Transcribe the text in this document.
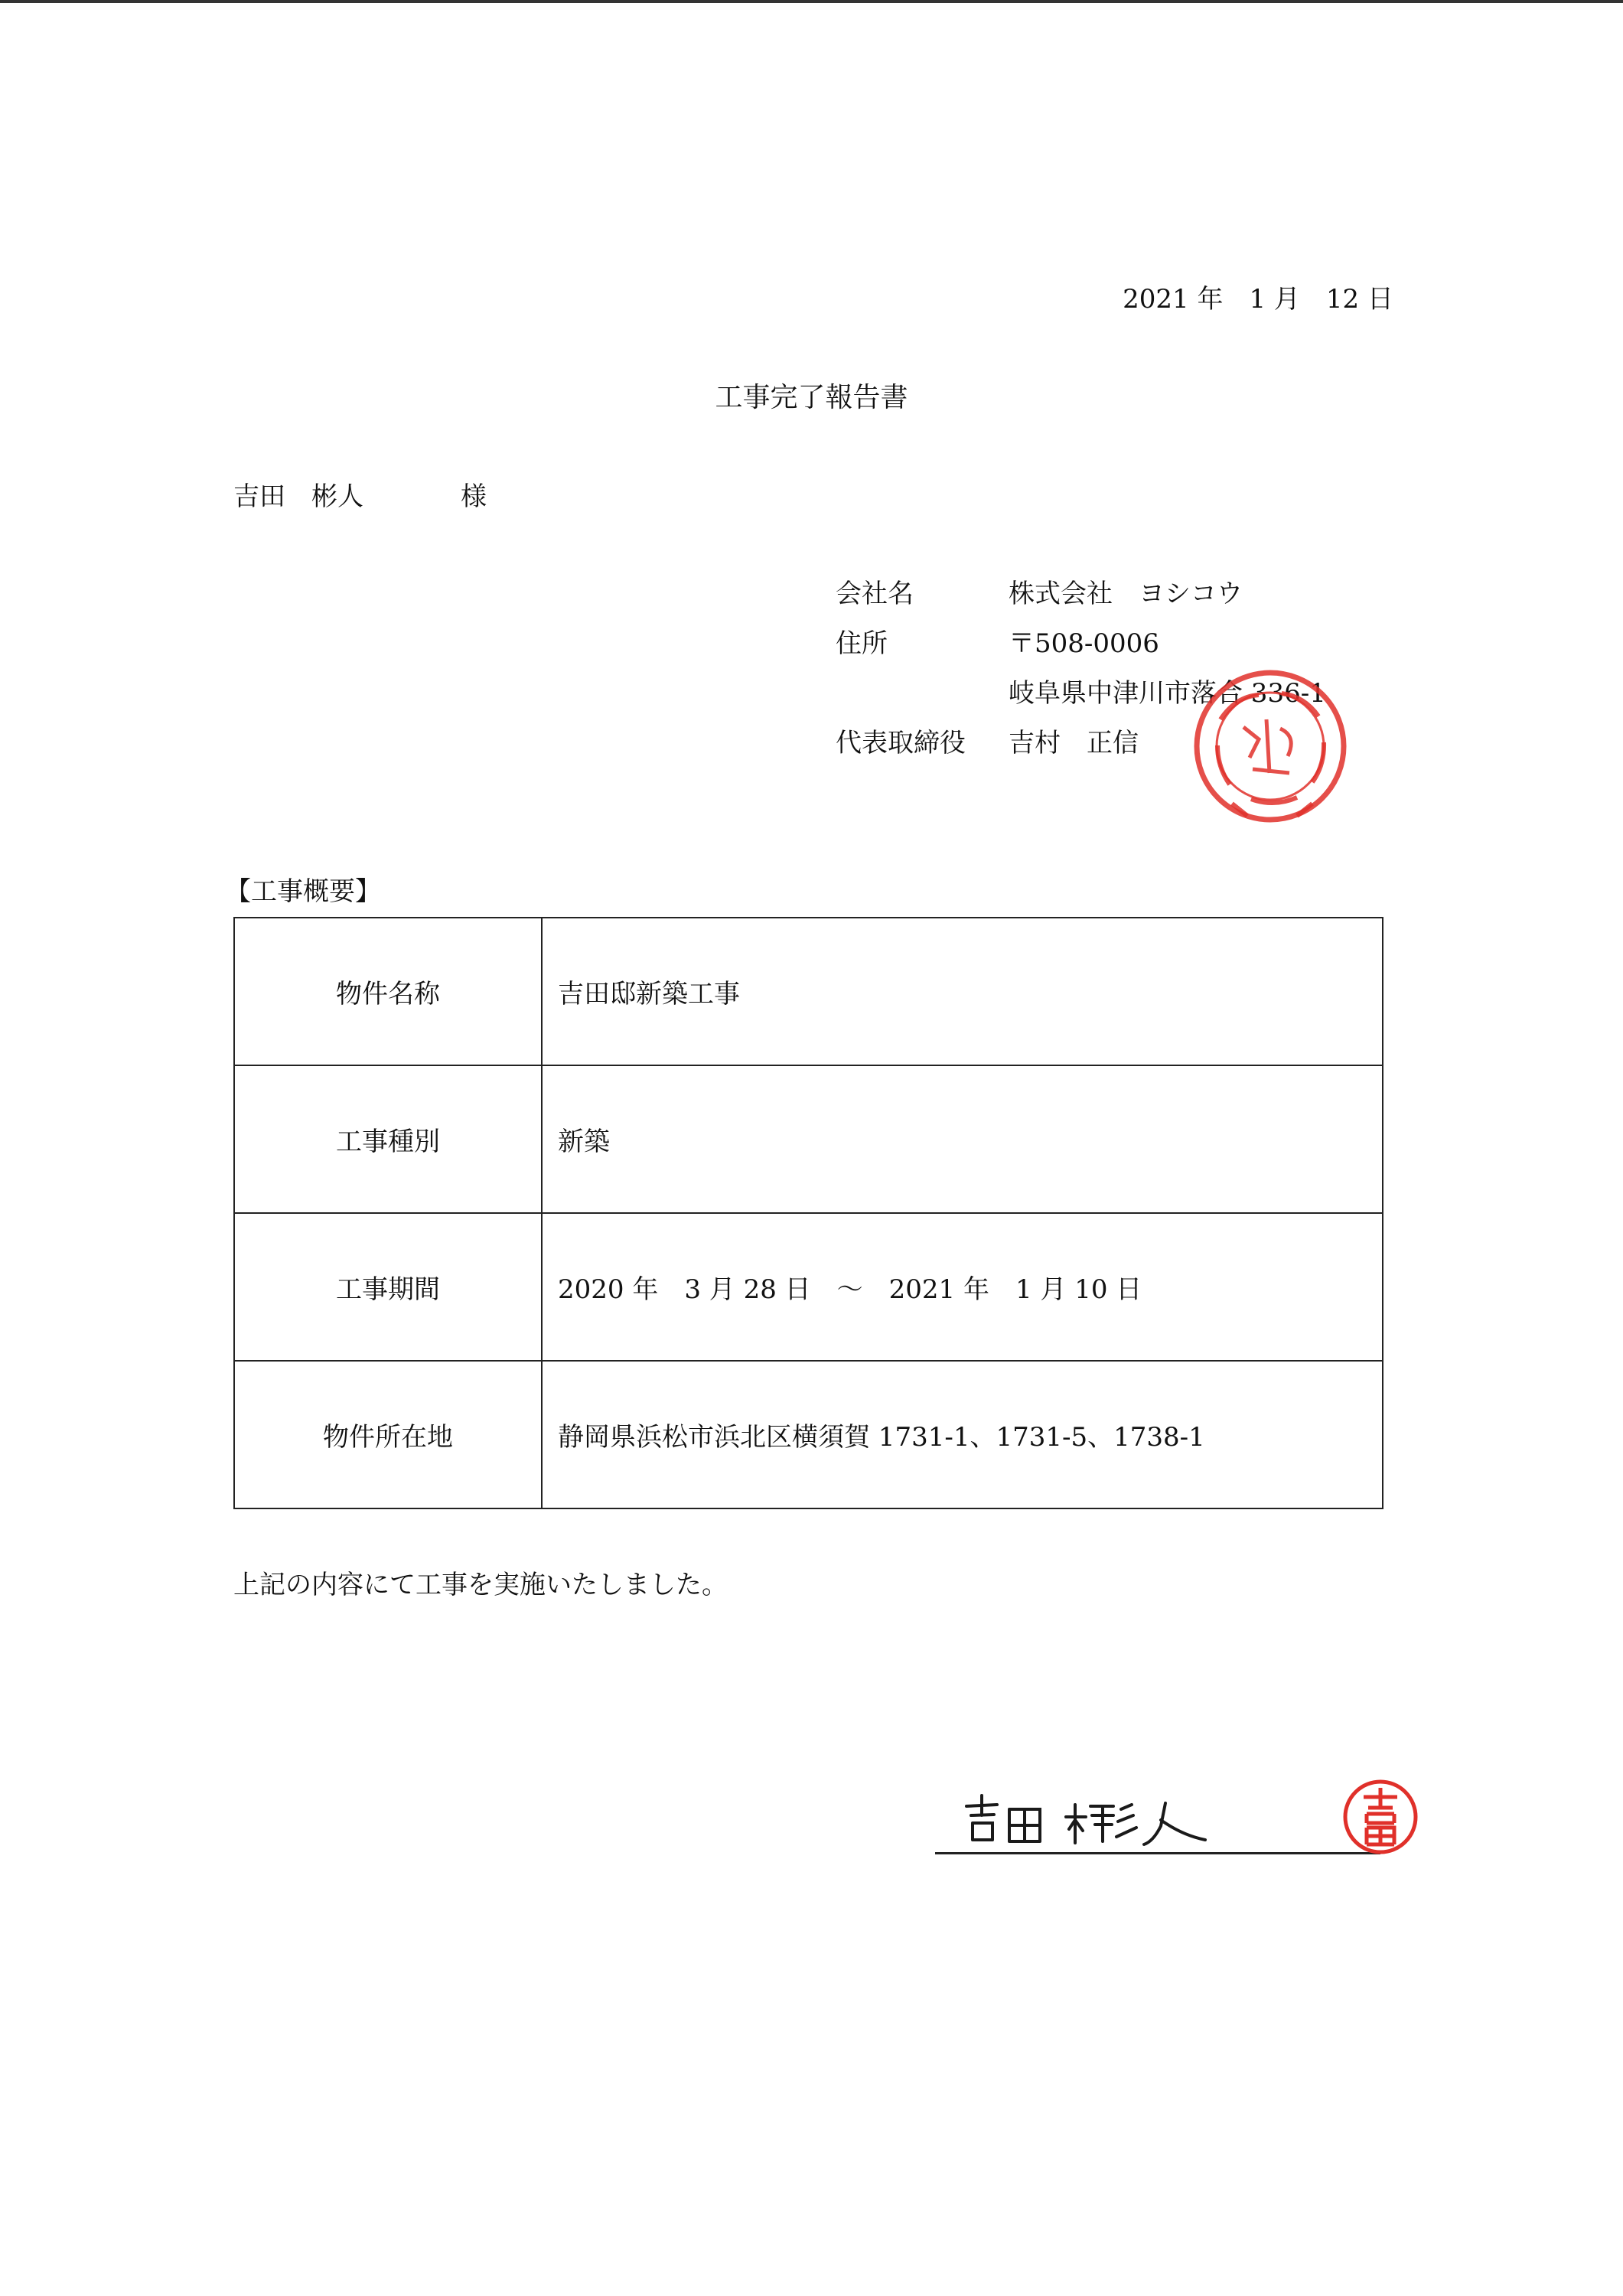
2021 年　1 月　12 日
工事完了報告書
吉田　彬人	様
会社名	株式会社　ヨシコウ
住所	〒508-0006
岐阜県中津川市落合 336-1
代表取締役 吉村　正信
【工事概要】
物件名称	吉田邸新築工事
工事種別	新築
工事期間	2020 年　3 月 28 日　～　2021 年　1 月 10 日
物件所在地	静岡県浜松市浜北区横須賀 1731-1、1731-5、1738-1
上記の内容にて工事を実施いたしました。
